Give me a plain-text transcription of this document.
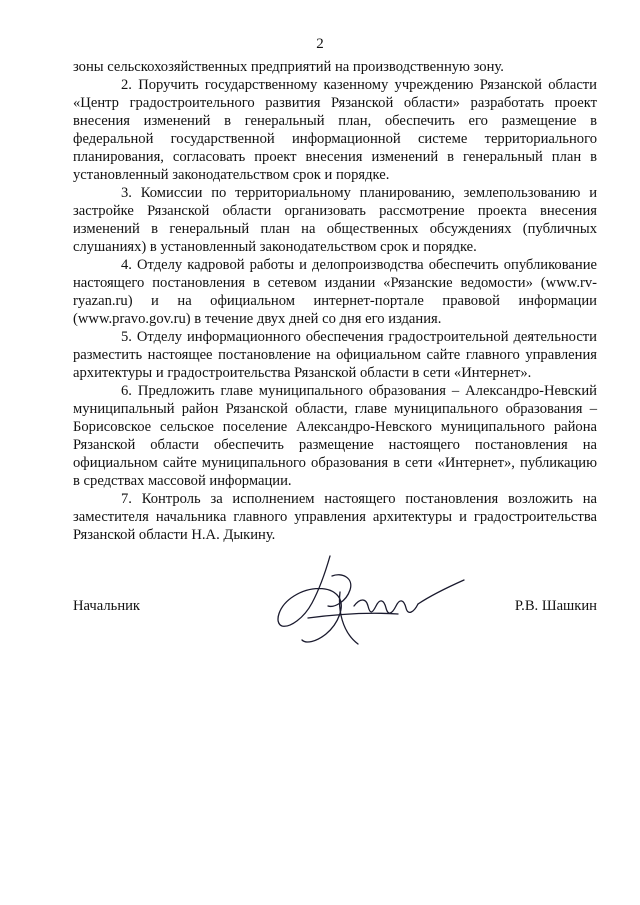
2

зоны сельскохозяйственных предприятий на производственную зону.

2. Поручить государственному казенному учреждению Рязанской области «Центр градостроительного развития Рязанской области» разработать проект внесения изменений в генеральный план, обеспечить его размещение в федеральной государственной информационной системе территориального планирования, согласовать проект внесения изменений в генеральный план в установленный законодательством срок и порядке.

3. Комиссии по территориальному планированию, землепользованию и застройке Рязанской области организовать рассмотрение проекта внесения изменений в генеральный план на общественных обсуждениях (публичных слушаниях) в установленный законодательством срок и порядке.

4. Отделу кадровой работы и делопроизводства обеспечить опубликование настоящего постановления в сетевом издании «Рязанские ведомости» (www.rv-ryazan.ru) и на официальном интернет-портале правовой информации (www.pravo.gov.ru) в течение двух дней со дня его издания.

5. Отделу информационного обеспечения градостроительной деятельности разместить настоящее постановление на официальном сайте главного управления архитектуры и градостроительства Рязанской области в сети «Интернет».

6. Предложить главе муниципального образования – Александро-Невский муниципальный район Рязанской области, главе муниципального образования – Борисовское сельское поселение Александро-Невского муниципального района Рязанской области обеспечить размещение настоящего постановления на официальном сайте муниципального образования в сети «Интернет», публикацию в средствах массовой информации.

7. Контроль за исполнением настоящего постановления возложить на заместителя начальника главного управления архитектуры и градостроительства Рязанской области Н.А. Дыкину.

Начальник	Р.В. Шашкин
